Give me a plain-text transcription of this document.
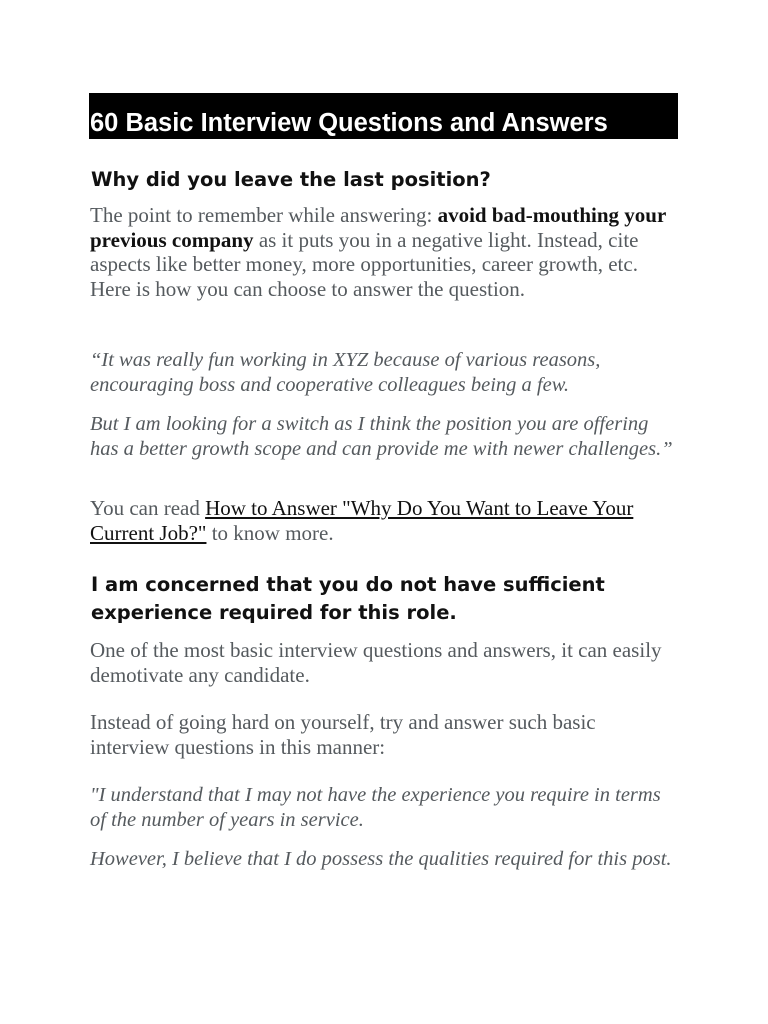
60 Basic Interview Questions and Answers
Why did you leave the last position?
The point to remember while answering: avoid bad-mouthing your previous company as it puts you in a negative light. Instead, cite aspects like better money, more opportunities, career growth, etc. Here is how you can choose to answer the question.
“It was really fun working in XYZ because of various reasons, encouraging boss and cooperative colleagues being a few.
But I am looking for a switch as I think the position you are offering has a better growth scope and can provide me with newer challenges.”
You can read How to Answer "Why Do You Want to Leave Your Current Job?" to know more.
I am concerned that you do not have sufficient
experience required for this role.
One of the most basic interview questions and answers, it can easily demotivate any candidate.
Instead of going hard on yourself, try and answer such basic interview questions in this manner:
"I understand that I may not have the experience you require in terms of the number of years in service.
However, I believe that I do possess the qualities required for this post.
